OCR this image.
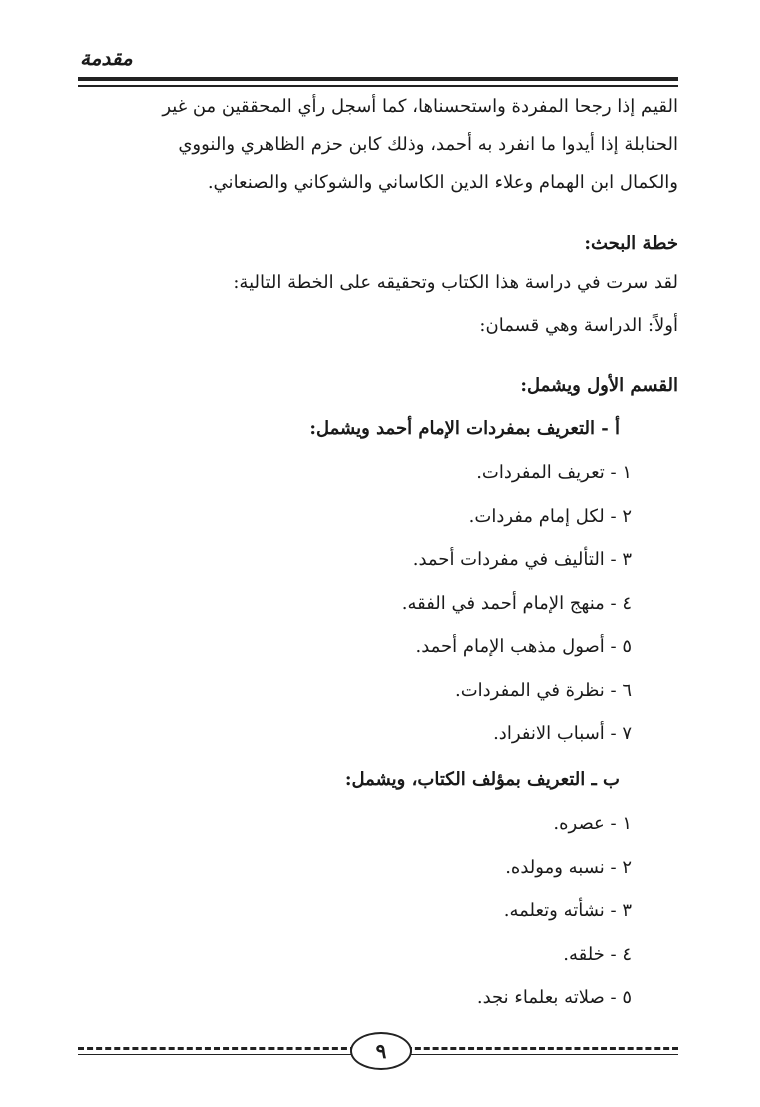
مقدمة
القيم إذا رجحا المفردة واستحسناها، كما أسجل رأي المحققين من غير
الحنابلة إذا أيدوا ما انفرد به أحمد، وذلك كابن حزم الظاهري والنووي
والكمال ابن الهمام وعلاء الدين الكاساني والشوكاني والصنعاني.
خطة البحث:
لقد سرت في دراسة هذا الكتاب وتحقيقه على الخطة التالية:
أولاً: الدراسة وهي قسمان:
القسم الأول ويشمل:
أ - التعريف بمفردات الإمام أحمد ويشمل:
١ - تعريف المفردات.
٢ - لكل إمام مفردات.
٣ - التأليف في مفردات أحمد.
٤ - منهج الإمام أحمد في الفقه.
٥ - أصول مذهب الإمام أحمد.
٦ - نظرة في المفردات.
٧ - أسباب الانفراد.
ب ـ التعريف بمؤلف الكتاب، ويشمل:
١ - عصره.
٢ - نسبه ومولده.
٣ - نشأته وتعلمه.
٤ - خلقه.
٥ - صلاته بعلماء نجد.
٩
